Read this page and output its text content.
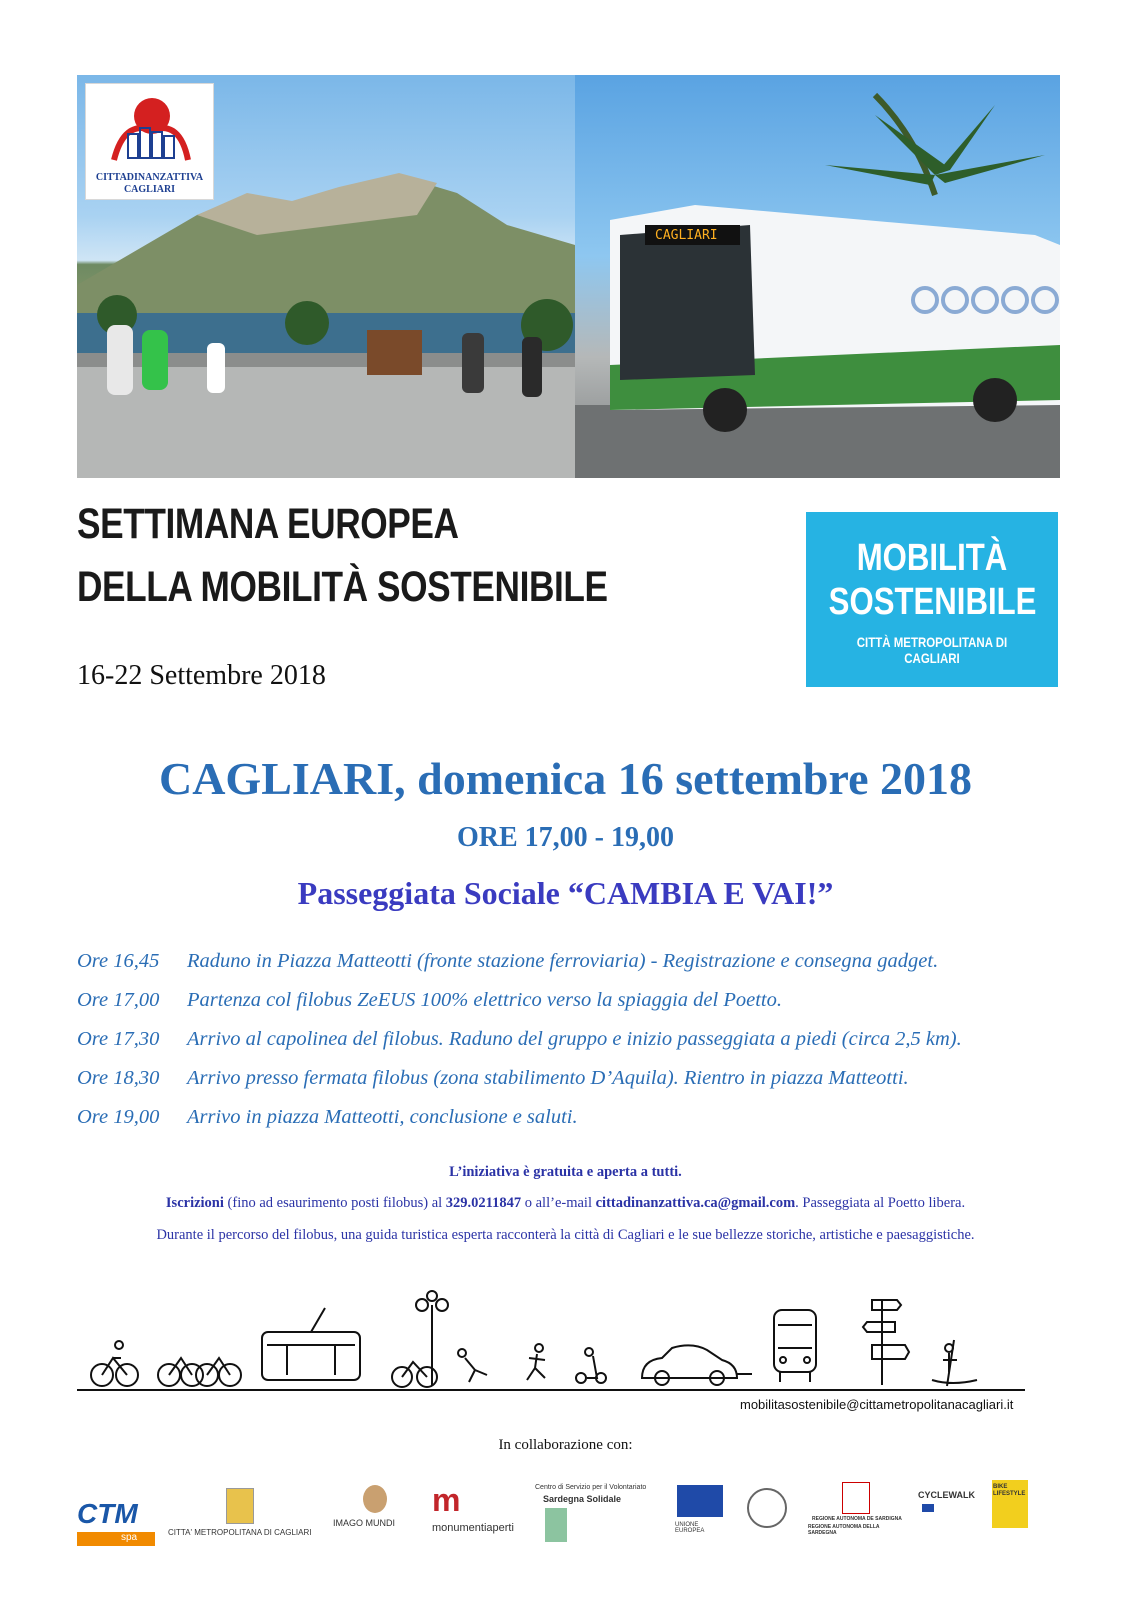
CITTADINANZATTIVA
CAGLIARI
CAGLIARI
SETTIMANA EUROPEA
DELLA MOBILITÀ SOSTENIBILE
16-22 Settembre 2018
MOBILITÀ
SOSTENIBILE
CITTÀ METROPOLITANA DI CAGLIARI
CAGLIARI, domenica 16 settembre 2018
ORE 17,00 - 19,00
Passeggiata Sociale “CAMBIA E VAI!”
Ore 16,45 Raduno in Piazza Matteotti (fronte stazione ferroviaria) - Registrazione e consegna gadget.
Ore 17,00 Partenza col filobus ZeEUS 100% elettrico verso la spiaggia del Poetto.
Ore 17,30 Arrivo al capolinea del filobus. Raduno del gruppo e inizio passeggiata a piedi (circa 2,5 km).
Ore 18,30 Arrivo presso fermata filobus (zona stabilimento D’Aquila). Rientro in piazza Matteotti.
Ore 19,00 Arrivo in piazza Matteotti, conclusione e saluti.
L’iniziativa è gratuita e aperta a tutti.
Iscrizioni (fino ad esaurimento posti filobus) al 329.0211847 o all’e-mail cittadinanzattiva.ca@gmail.com. Passeggiata al Poetto libera.
Durante il percorso del filobus, una guida turistica esperta racconterà la città di Cagliari e le sue bellezze storiche, artistiche e paesaggistiche.
mobilitasostenibile@cittametropolitanacagliari.it
In collaborazione con:
CTM
spa	CITTA' METROPOLITANA DI CAGLIARI
IMAGO MUNDI
m
monumentiaperti
Centro di Servizio per il Volontariato
Sardegna Solidale
UNIONE EUROPEA
REGIONE AUTONOMA DE SARDIGNA
REGIONE AUTONOMA DELLA SARDEGNA
CYCLEWALK
BIKE LIFESTYLE
